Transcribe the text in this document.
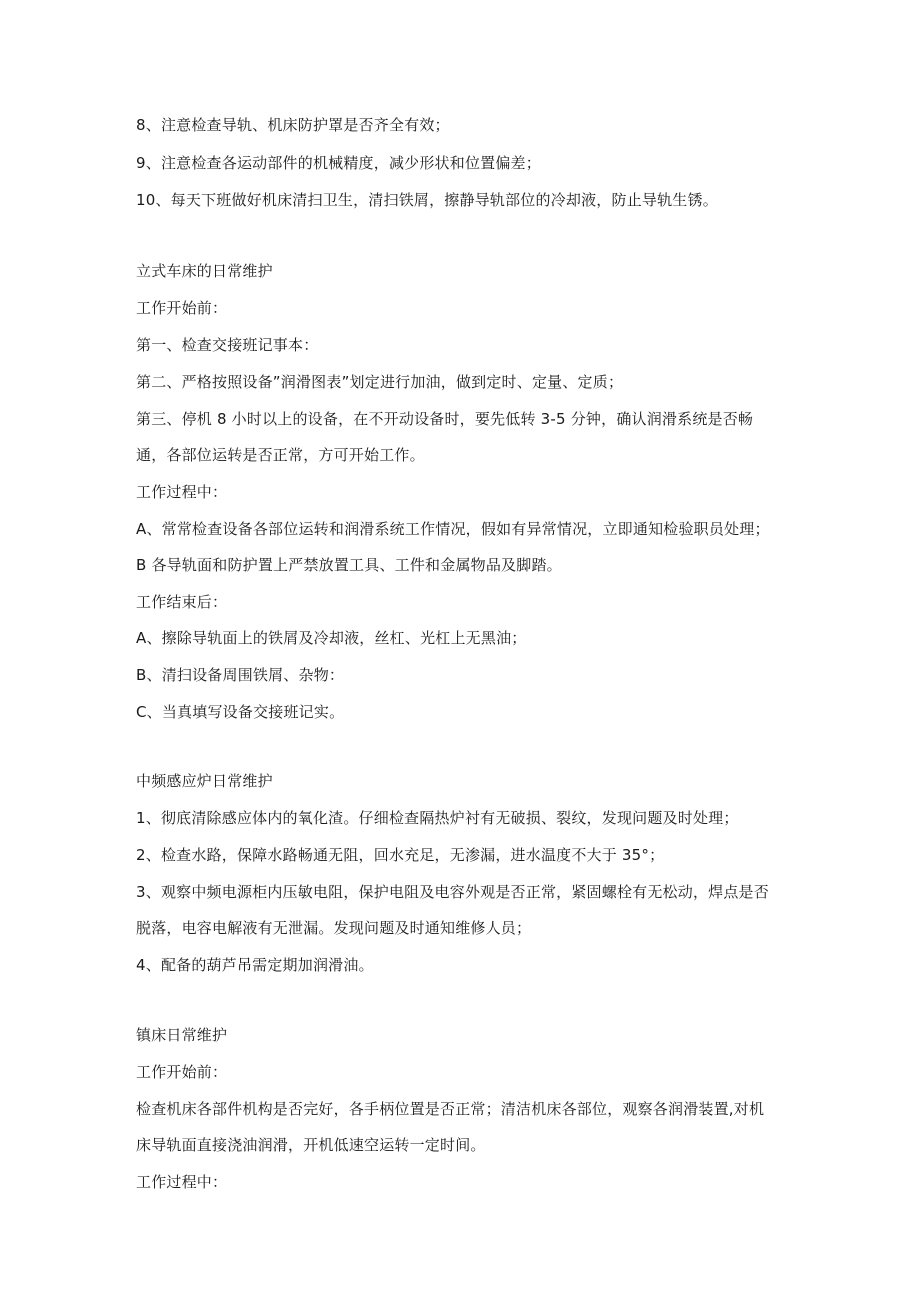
8、注意检查导轨、机床防护罩是否齐全有效；

9、注意检查各运动部件的机械精度，减少形状和位置偏差；

10、每天下班做好机床清扫卫生，清扫铁屑，擦静导轨部位的冷却液，防止导轨生锈。

立式车床的日常维护

工作开始前：

第一、检查交接班记事本：

第二、严格按照设备”润滑图表”划定进行加油，做到定时、定量、定质；

第三、停机 8 小时以上的设备，在不开动设备时，要先低转 3-5 分钟，确认润滑系统是否畅

通，各部位运转是否正常，方可开始工作。

工作过程中：

A、常常检查设备各部位运转和润滑系统工作情况，假如有异常情况，立即通知检验职员处理；

B 各导轨面和防护置上严禁放置工具、工件和金属物品及脚踏。

工作结束后：

A、擦除导轨面上的铁屑及冷却液，丝杠、光杠上无黑油；

B、清扫设备周围铁屑、杂物：

C、当真填写设备交接班记实。

中频感应炉日常维护

1、彻底清除感应体内的氧化渣。仔细检查隔热炉衬有无破损、裂纹，发现问题及时处理；

2、检查水路，保障水路畅通无阻，回水充足，无渗漏，进水温度不大于 35°；

3、观察中频电源柜内压敏电阻，保护电阻及电容外观是否正常，紧固螺栓有无松动，焊点是否

脱落，电容电解液有无泄漏。发现问题及时通知维修人员；

4、配备的葫芦吊需定期加润滑油。

镇床日常维护

工作开始前：

检查机床各部件机构是否完好，各手柄位置是否正常；清洁机床各部位，观察各润滑装置,对机

床导轨面直接浇油润滑，开机低速空运转一定时间。

工作过程中：
